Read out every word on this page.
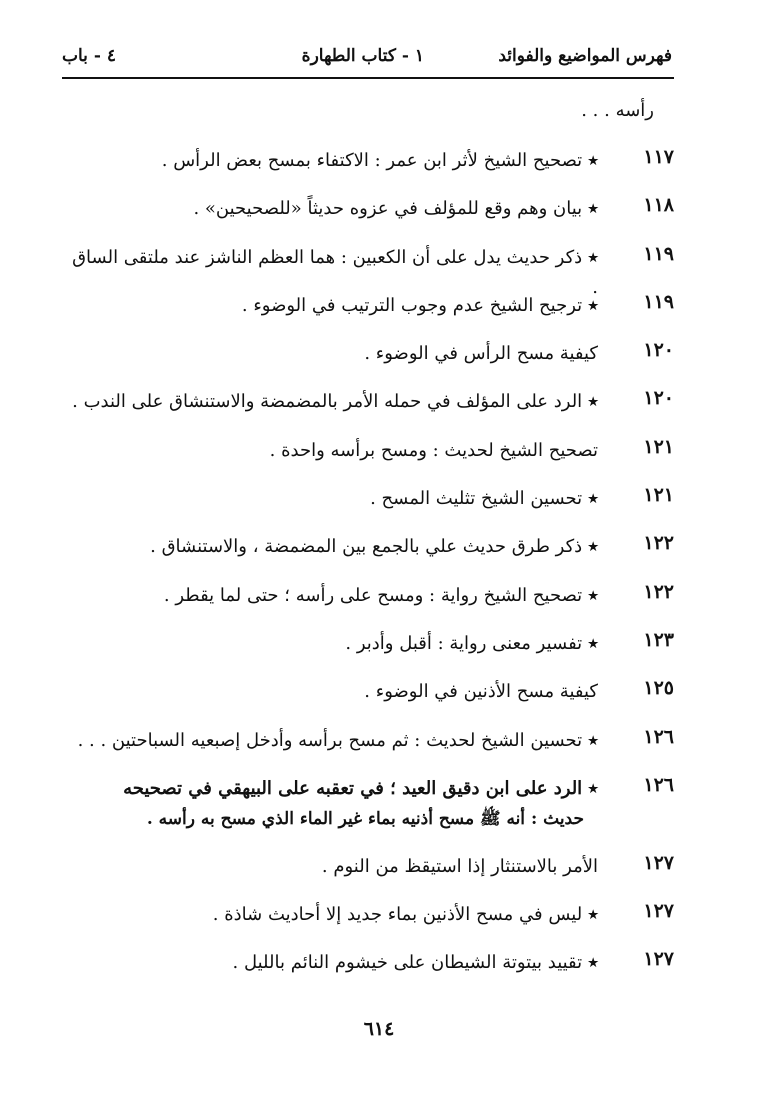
فهرس المواضيع والفوائد
١ - كتاب الطهارة
٤ - باب
رأسه . . .
١١٧
٭تصحيح الشيخ لأثر ابن عمر : الاكتفاء بمسح بعض الرأس .
١١٨
٭بيان وهم وقع للمؤلف في عزوه حديثاً «للصحيحين» .
١١٩
٭ذكر حديث يدل على أن الكعبين : هما العظم الناشز عند ملتقى الساق .
١١٩
٭ترجيح الشيخ عدم وجوب الترتيب في الوضوء .
١٢٠
كيفية مسح الرأس في الوضوء .
١٢٠
٭الرد على المؤلف في حمله الأمر بالمضمضة والاستنشاق على الندب .
١٢١
تصحيح الشيخ لحديث : ومسح برأسه واحدة .
١٢١
٭تحسين الشيخ تثليث المسح .
١٢٢
٭ذكر طرق حديث علي بالجمع بين المضمضة ، والاستنشاق .
١٢٢
٭تصحيح الشيخ رواية : ومسح على رأسه ؛ حتى لما يقطر .
١٢٣
٭تفسير معنى رواية : أقبل وأدبر .
١٢٥
كيفية مسح الأذنين في الوضوء .
١٢٦
٭تحسين الشيخ لحديث : ثم مسح برأسه وأدخل إصبعيه السباحتين . . .
١٢٦
٭الرد على ابن دقيق العيد ؛ في تعقبه على البيهقي في تصحيحه
حديث : أنه ﷺ مسح أذنيه بماء غير الماء الذي مسح به رأسه .
١٢٧
الأمر بالاستنثار إذا استيقظ من النوم .
١٢٧
٭ليس في مسح الأذنين بماء جديد إلا أحاديث شاذة .
١٢٧
٭تقييد بيتوتة الشيطان على خيشوم النائم بالليل .
٦١٤
